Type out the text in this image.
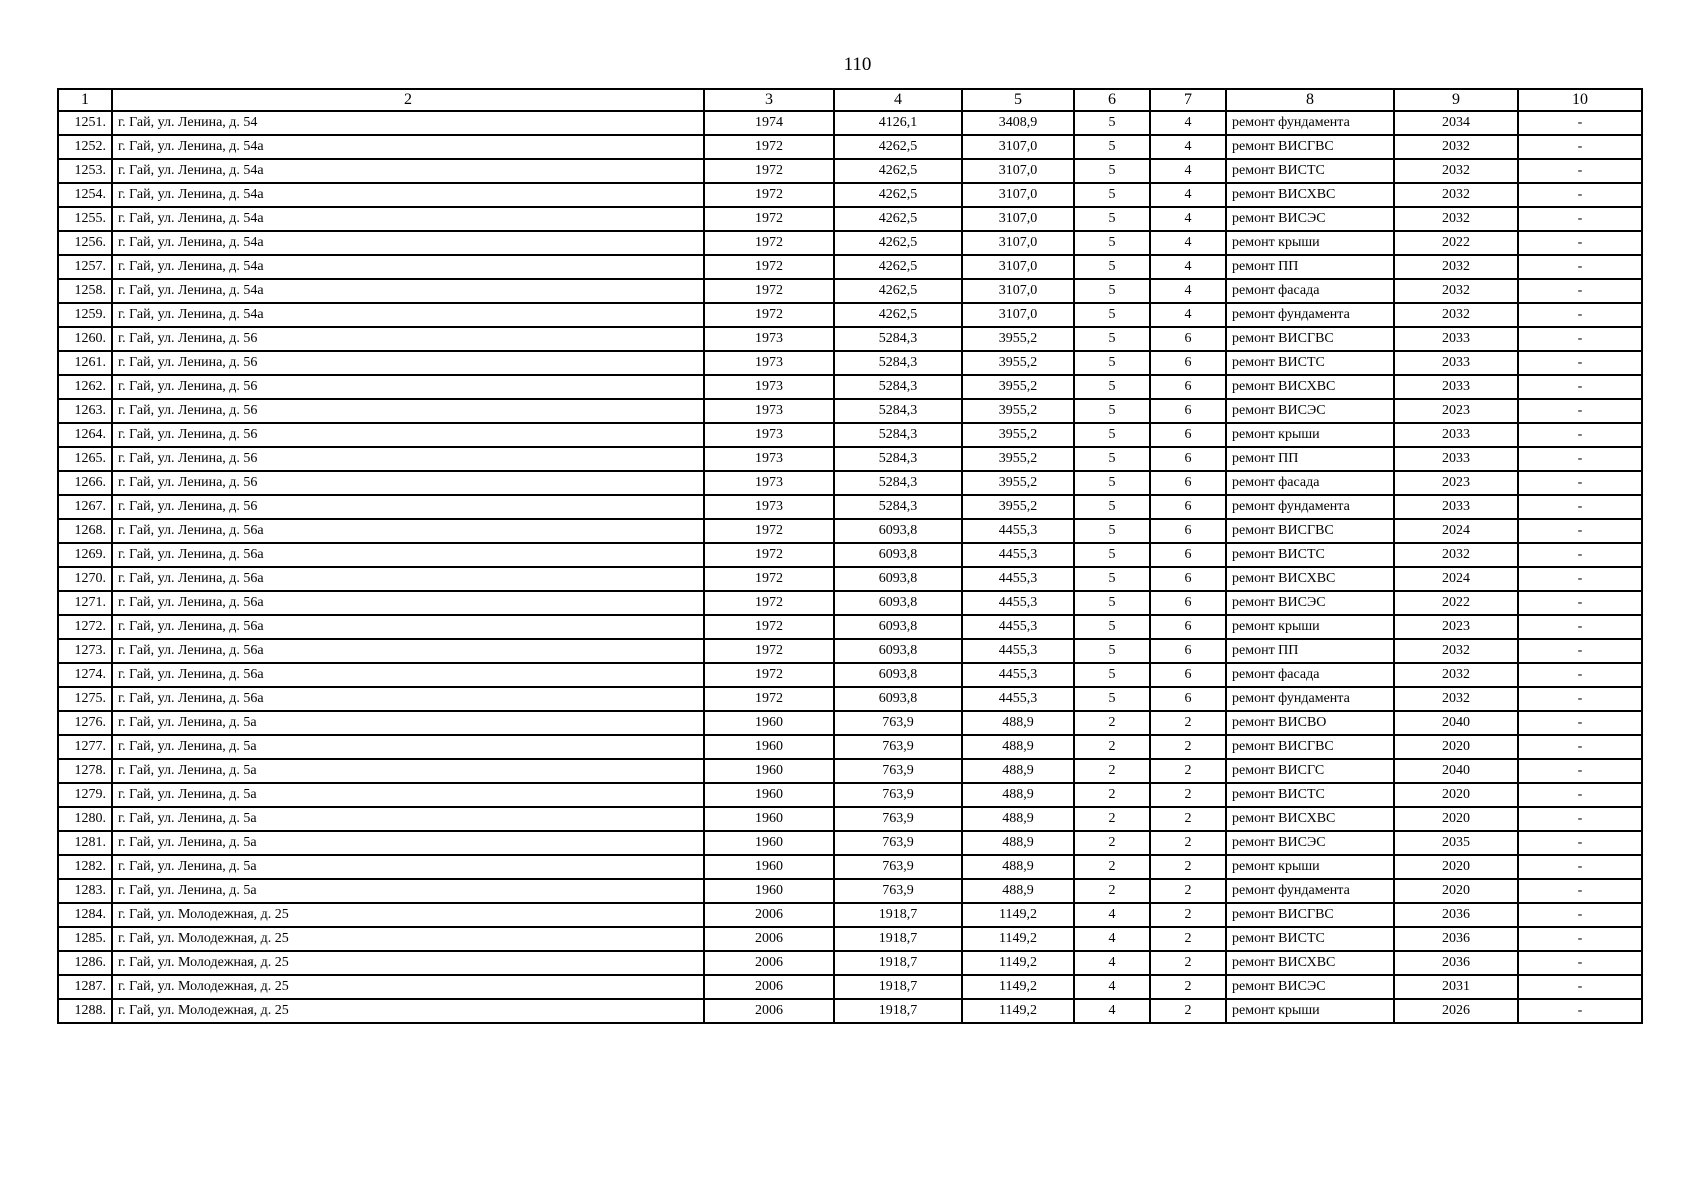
110
1	2	3	4	5	6	7	8	9	10
1251.	г. Гай, ул. Ленина, д. 54	1974	4126,1	3408,9	5	4	ремонт фундамента	2034	-
1252.	г. Гай, ул. Ленина, д. 54а	1972	4262,5	3107,0	5	4	ремонт ВИСГВС	2032	-
1253.	г. Гай, ул. Ленина, д. 54а	1972	4262,5	3107,0	5	4	ремонт ВИСТС	2032	-
1254.	г. Гай, ул. Ленина, д. 54а	1972	4262,5	3107,0	5	4	ремонт ВИСХВС	2032	-
1255.	г. Гай, ул. Ленина, д. 54а	1972	4262,5	3107,0	5	4	ремонт ВИСЭС	2032	-
1256.	г. Гай, ул. Ленина, д. 54а	1972	4262,5	3107,0	5	4	ремонт крыши	2022	-
1257.	г. Гай, ул. Ленина, д. 54а	1972	4262,5	3107,0	5	4	ремонт ПП	2032	-
1258.	г. Гай, ул. Ленина, д. 54а	1972	4262,5	3107,0	5	4	ремонт фасада	2032	-
1259.	г. Гай, ул. Ленина, д. 54а	1972	4262,5	3107,0	5	4	ремонт фундамента	2032	-
1260.	г. Гай, ул. Ленина, д. 56	1973	5284,3	3955,2	5	6	ремонт ВИСГВС	2033	-
1261.	г. Гай, ул. Ленина, д. 56	1973	5284,3	3955,2	5	6	ремонт ВИСТС	2033	-
1262.	г. Гай, ул. Ленина, д. 56	1973	5284,3	3955,2	5	6	ремонт ВИСХВС	2033	-
1263.	г. Гай, ул. Ленина, д. 56	1973	5284,3	3955,2	5	6	ремонт ВИСЭС	2023	-
1264.	г. Гай, ул. Ленина, д. 56	1973	5284,3	3955,2	5	6	ремонт крыши	2033	-
1265.	г. Гай, ул. Ленина, д. 56	1973	5284,3	3955,2	5	6	ремонт ПП	2033	-
1266.	г. Гай, ул. Ленина, д. 56	1973	5284,3	3955,2	5	6	ремонт фасада	2023	-
1267.	г. Гай, ул. Ленина, д. 56	1973	5284,3	3955,2	5	6	ремонт фундамента	2033	-
1268.	г. Гай, ул. Ленина, д. 56а	1972	6093,8	4455,3	5	6	ремонт ВИСГВС	2024	-
1269.	г. Гай, ул. Ленина, д. 56а	1972	6093,8	4455,3	5	6	ремонт ВИСТС	2032	-
1270.	г. Гай, ул. Ленина, д. 56а	1972	6093,8	4455,3	5	6	ремонт ВИСХВС	2024	-
1271.	г. Гай, ул. Ленина, д. 56а	1972	6093,8	4455,3	5	6	ремонт ВИСЭС	2022	-
1272.	г. Гай, ул. Ленина, д. 56а	1972	6093,8	4455,3	5	6	ремонт крыши	2023	-
1273.	г. Гай, ул. Ленина, д. 56а	1972	6093,8	4455,3	5	6	ремонт ПП	2032	-
1274.	г. Гай, ул. Ленина, д. 56а	1972	6093,8	4455,3	5	6	ремонт фасада	2032	-
1275.	г. Гай, ул. Ленина, д. 56а	1972	6093,8	4455,3	5	6	ремонт фундамента	2032	-
1276.	г. Гай, ул. Ленина, д. 5а	1960	763,9	488,9	2	2	ремонт ВИСВО	2040	-
1277.	г. Гай, ул. Ленина, д. 5а	1960	763,9	488,9	2	2	ремонт ВИСГВС	2020	-
1278.	г. Гай, ул. Ленина, д. 5а	1960	763,9	488,9	2	2	ремонт ВИСГС	2040	-
1279.	г. Гай, ул. Ленина, д. 5а	1960	763,9	488,9	2	2	ремонт ВИСТС	2020	-
1280.	г. Гай, ул. Ленина, д. 5а	1960	763,9	488,9	2	2	ремонт ВИСХВС	2020	-
1281.	г. Гай, ул. Ленина, д. 5а	1960	763,9	488,9	2	2	ремонт ВИСЭС	2035	-
1282.	г. Гай, ул. Ленина, д. 5а	1960	763,9	488,9	2	2	ремонт крыши	2020	-
1283.	г. Гай, ул. Ленина, д. 5а	1960	763,9	488,9	2	2	ремонт фундамента	2020	-
1284.	г. Гай, ул. Молодежная, д. 25	2006	1918,7	1149,2	4	2	ремонт ВИСГВС	2036	-
1285.	г. Гай, ул. Молодежная, д. 25	2006	1918,7	1149,2	4	2	ремонт ВИСТС	2036	-
1286.	г. Гай, ул. Молодежная, д. 25	2006	1918,7	1149,2	4	2	ремонт ВИСХВС	2036	-
1287.	г. Гай, ул. Молодежная, д. 25	2006	1918,7	1149,2	4	2	ремонт ВИСЭС	2031	-
1288.	г. Гай, ул. Молодежная, д. 25	2006	1918,7	1149,2	4	2	ремонт крыши	2026	-
